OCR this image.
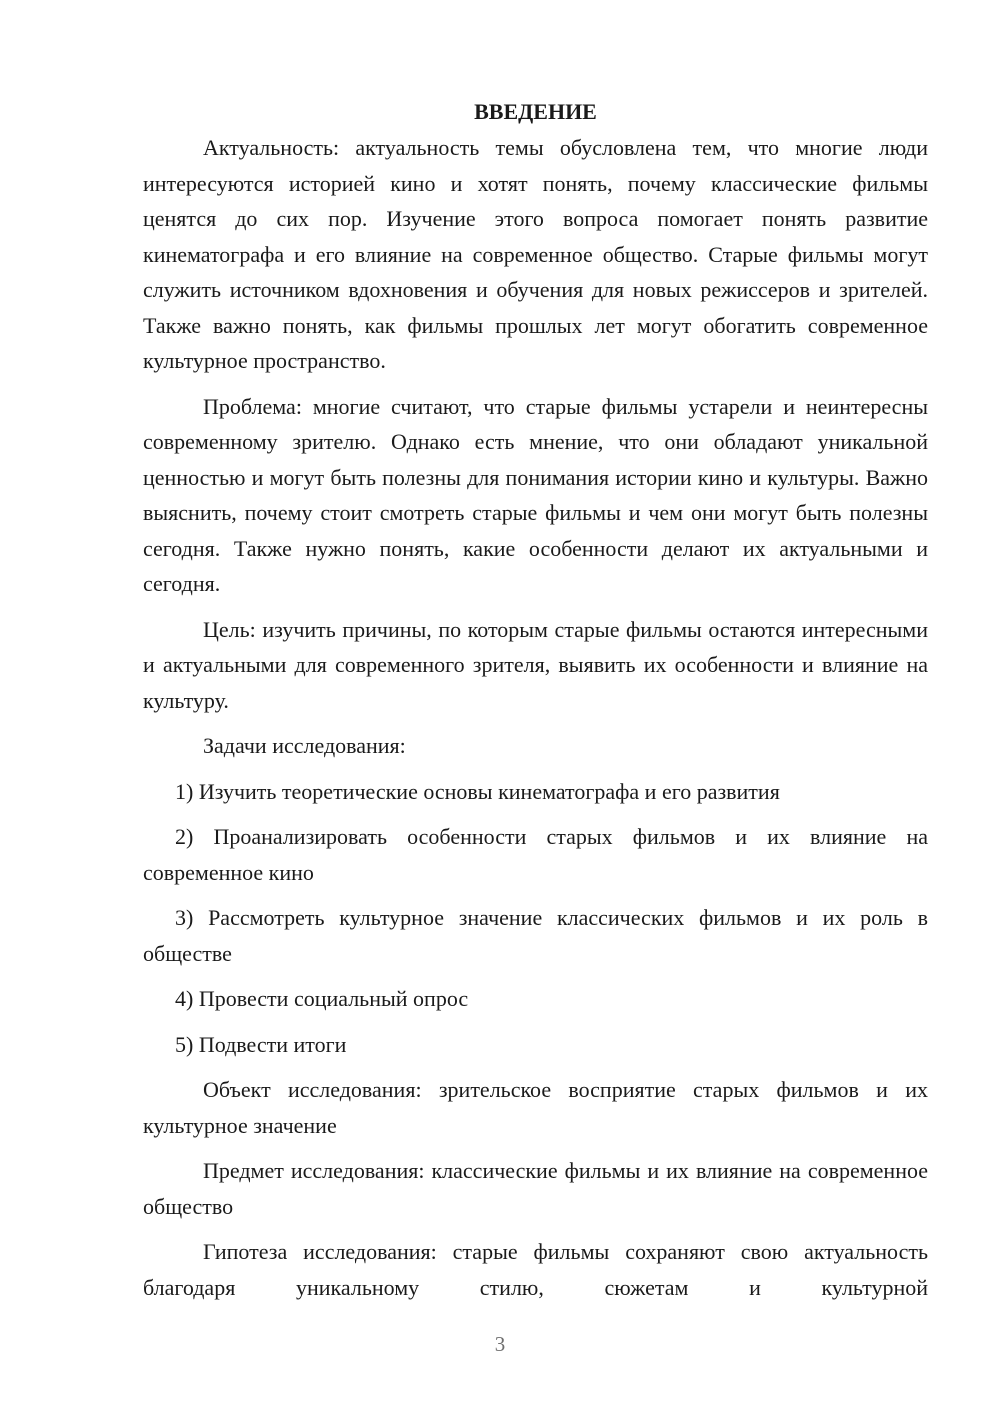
ВВЕДЕНИЕ

Актуальность: актуальность темы обусловлена тем, что многие люди интересуются историей кино и хотят понять, почему классические фильмы ценятся до сих пор. Изучение этого вопроса помогает понять развитие кинематографа и его влияние на современное общество. Старые фильмы могут служить источником вдохновения и обучения для новых режиссеров и зрителей. Также важно понять, как фильмы прошлых лет могут обогатить современное культурное пространство.

Проблема: многие считают, что старые фильмы устарели и неинтересны современному зрителю. Однако есть мнение, что они обладают уникальной ценностью и могут быть полезны для понимания истории кино и культуры. Важно выяснить, почему стоит смотреть старые фильмы и чем они могут быть полезны сегодня. Также нужно понять, какие особенности делают их актуальными и сегодня.

Цель: изучить причины, по которым старые фильмы остаются интересными и актуальными для современного зрителя, выявить их особенности и влияние на культуру.

Задачи исследования:

1) Изучить теоретические основы кинематографа и его развития

2) Проанализировать особенности старых фильмов и их влияние на современное кино

3) Рассмотреть культурное значение классических фильмов и их роль в обществе

4) Провести социальный опрос

5) Подвести итоги

Объект исследования: зрительское восприятие старых фильмов и их культурное значение

Предмет исследования: классические фильмы и их влияние на современное общество

Гипотеза исследования: старые фильмы сохраняют свою актуальность благодаря уникальному стилю, сюжетам и культурной

3
